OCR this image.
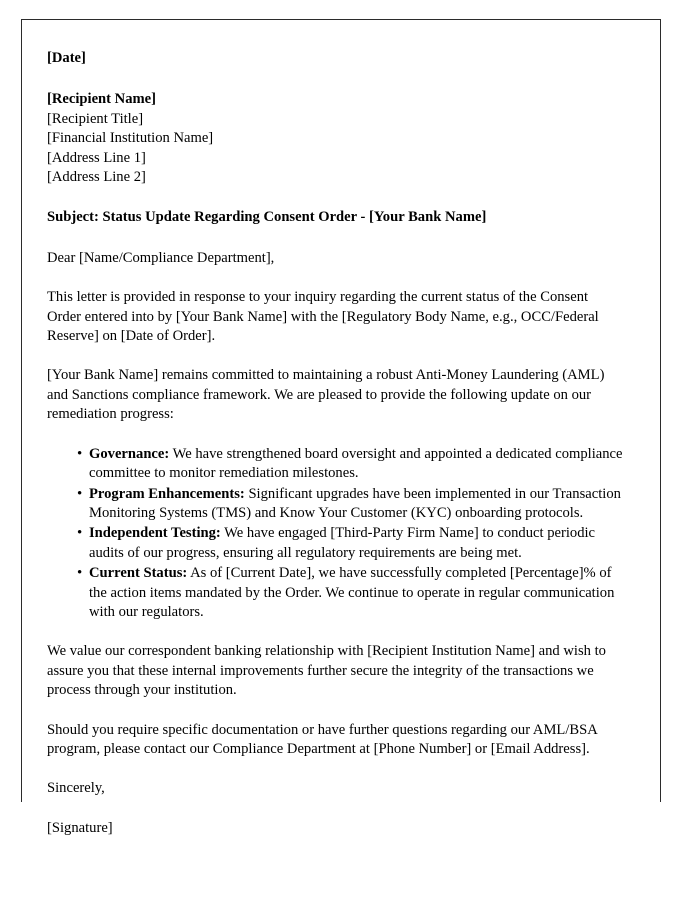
[Date]
[Recipient Name]
[Recipient Title]
[Financial Institution Name]
[Address Line 1]
[Address Line 2]
Subject: Status Update Regarding Consent Order - [Your Bank Name]
Dear [Name/Compliance Department],

This letter is provided in response to your inquiry regarding the current status of the Consent Order entered into by [Your Bank Name] with the [Regulatory Body Name, e.g., OCC/Federal Reserve] on [Date of Order].

[Your Bank Name] remains committed to maintaining a robust Anti-Money Laundering (AML) and Sanctions compliance framework. We are pleased to provide the following update on our remediation progress:

• Governance: We have strengthened board oversight and appointed a dedicated compliance committee to monitor remediation milestones.
• Program Enhancements: Significant upgrades have been implemented in our Transaction Monitoring Systems (TMS) and Know Your Customer (KYC) onboarding protocols.
• Independent Testing: We have engaged [Third-Party Firm Name] to conduct periodic audits of our progress, ensuring all regulatory requirements are being met.
• Current Status: As of [Current Date], we have successfully completed [Percentage]% of the action items mandated by the Order. We continue to operate in regular communication with our regulators.

We value our correspondent banking relationship with [Recipient Institution Name] and wish to assure you that these internal improvements further secure the integrity of the transactions we process through your institution.

Should you require specific documentation or have further questions regarding our AML/BSA program, please contact our Compliance Department at [Phone Number] or [Email Address].

Sincerely,
[Signature]
